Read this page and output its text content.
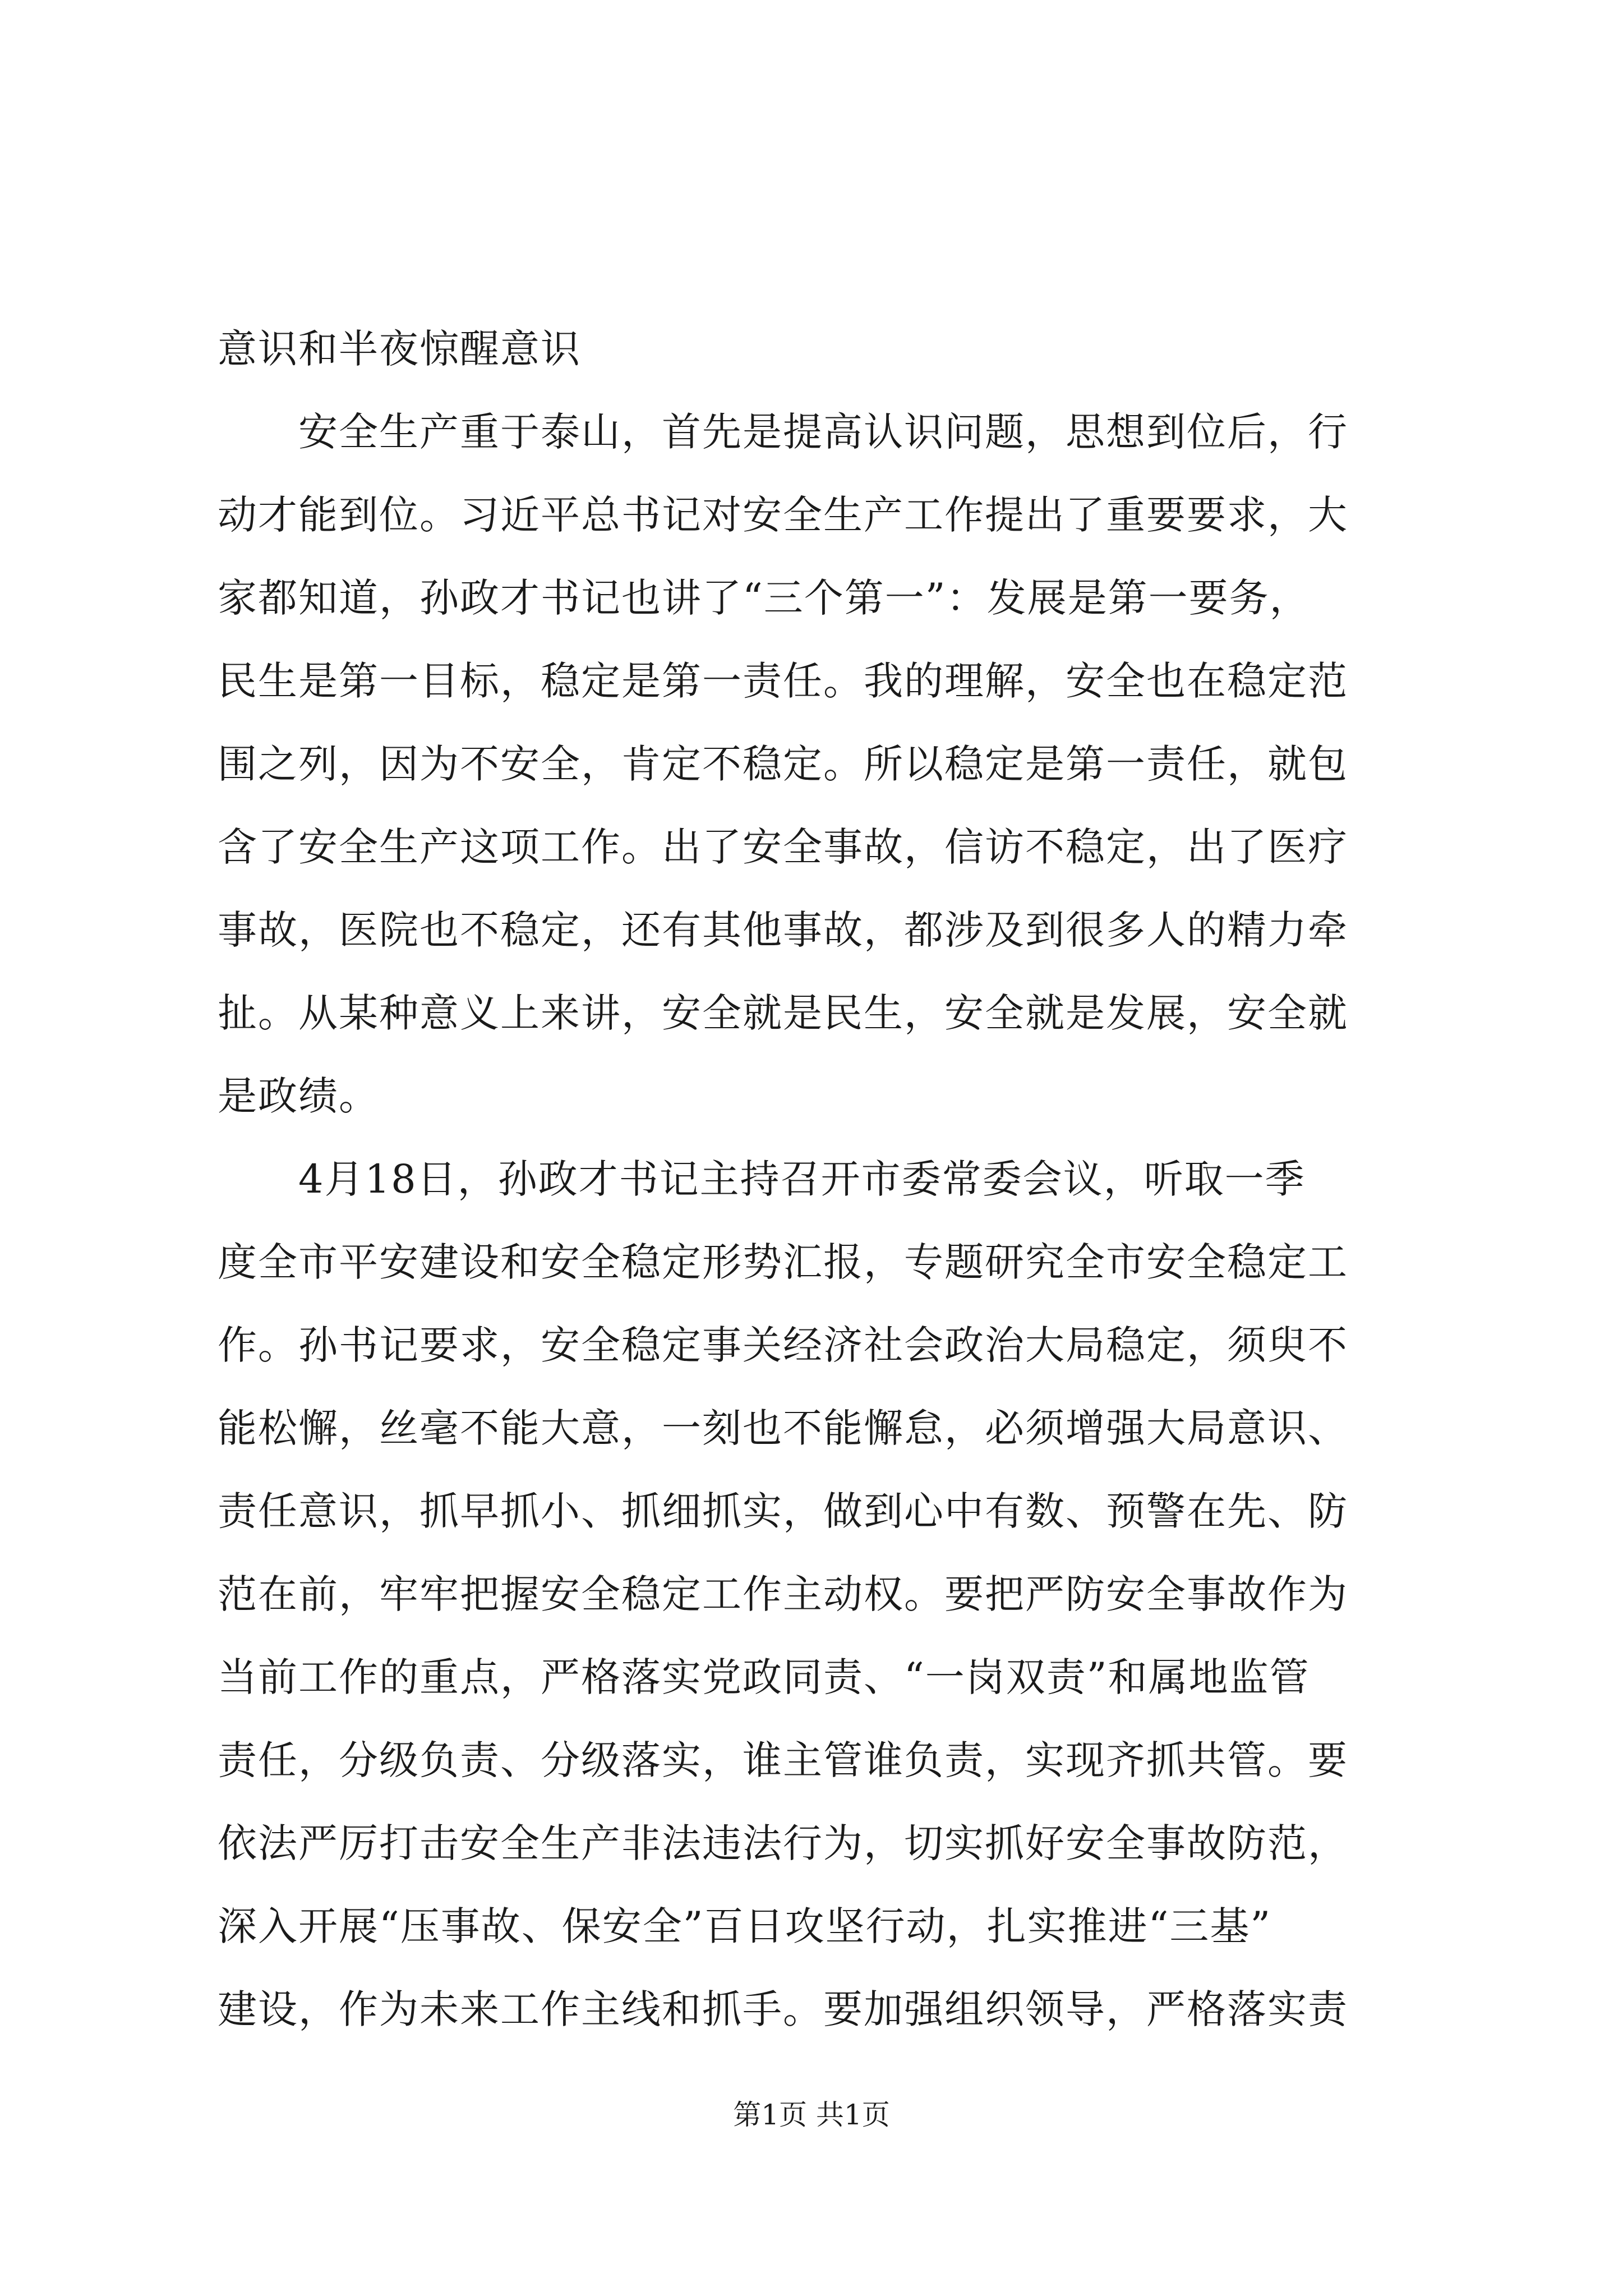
意识和半夜惊醒意识
　　安全生产重于泰山，首先是提高认识问题，思想到位后，行
动才能到位。习近平总书记对安全生产工作提出了重要要求，大
家都知道，孙政才书记也讲了“三个第一”：发展是第一要务，
民生是第一目标，稳定是第一责任。我的理解，安全也在稳定范
围之列，因为不安全，肯定不稳定。所以稳定是第一责任，就包
含了安全生产这项工作。出了安全事故，信访不稳定，出了医疗
事故，医院也不稳定，还有其他事故，都涉及到很多人的精力牵
扯。从某种意义上来讲，安全就是民生，安全就是发展，安全就
是政绩。
　　4月18日，孙政才书记主持召开市委常委会议，听取一季
度全市平安建设和安全稳定形势汇报，专题研究全市安全稳定工
作。孙书记要求，安全稳定事关经济社会政治大局稳定，须臾不
能松懈，丝毫不能大意，一刻也不能懈怠，必须增强大局意识、
责任意识，抓早抓小、抓细抓实，做到心中有数、预警在先、防
范在前，牢牢把握安全稳定工作主动权。要把严防安全事故作为
当前工作的重点，严格落实党政同责、“一岗双责”和属地监管
责任，分级负责、分级落实，谁主管谁负责，实现齐抓共管。要
依法严厉打击安全生产非法违法行为，切实抓好安全事故防范，
深入开展“压事故、保安全”百日攻坚行动，扎实推进“三基”
建设，作为未来工作主线和抓手。要加强组织领导，严格落实责
第1页 共1页
